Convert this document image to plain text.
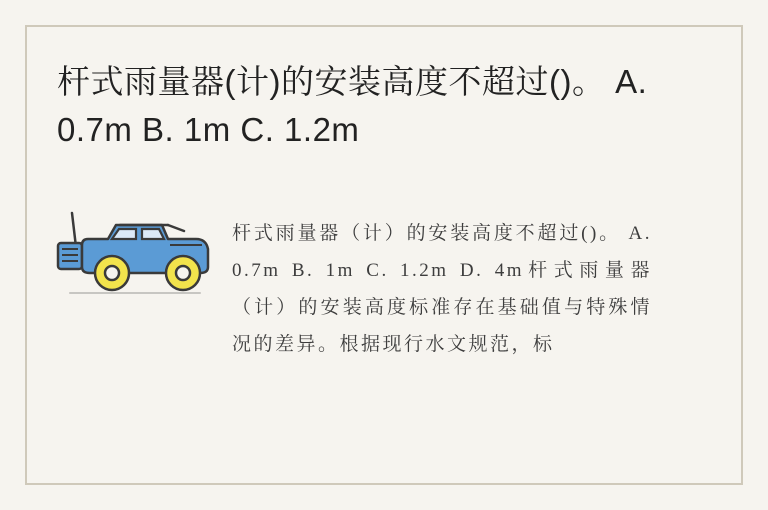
杆式雨量器(计)的安装高度不超过()。 A. 0.7m B. 1m C. 1.2m
杆式雨量器（计）的安装高度不超过()。 A. 0.7m B. 1m C. 1.2m D. 4m杆式雨量器（计）的安装高度标准存在基础值与特殊情况的差异。根据现行水文规范，标
